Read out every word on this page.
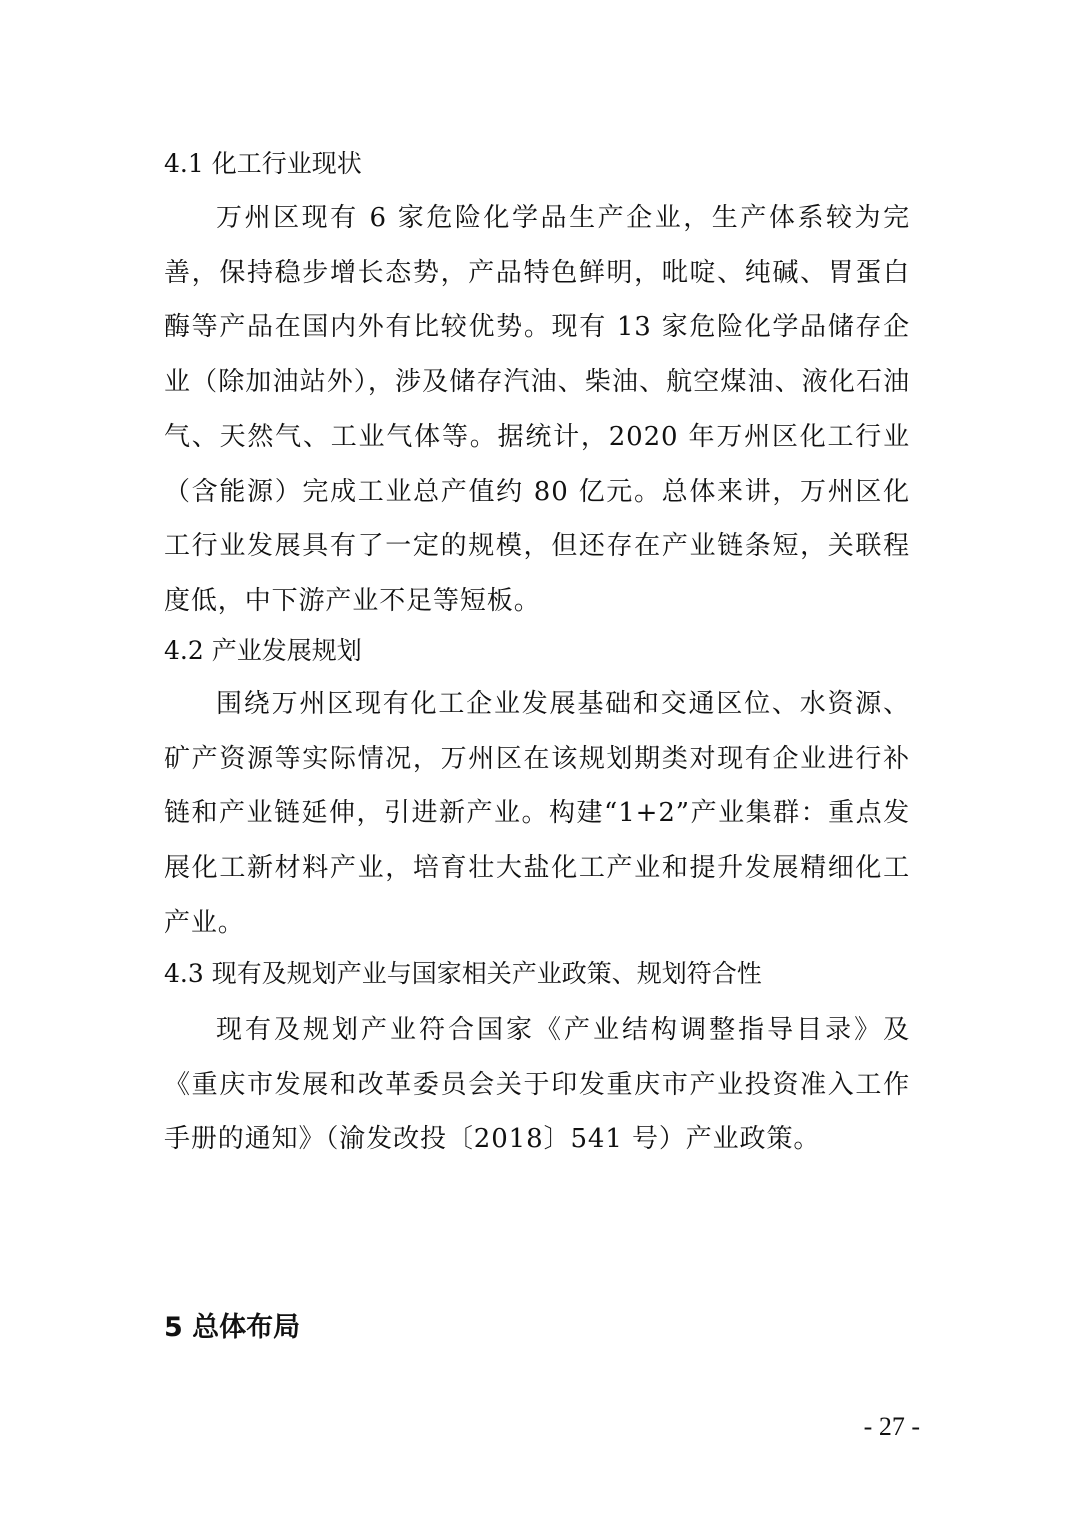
4.1 化工行业现状

万州区现有 6 家危险化学品生产企业，生产体系较为完善，保持稳步增长态势，产品特色鲜明，吡啶、纯碱、胃蛋白酶等产品在国内外有比较优势。现有 13 家危险化学品储存企业（除加油站外），涉及储存汽油、柴油、航空煤油、液化石油气、天然气、工业气体等。据统计，2020 年万州区化工行业（含能源）完成工业总产值约 80 亿元。总体来讲，万州区化工行业发展具有了一定的规模，但还存在产业链条短，关联程度低，中下游产业不足等短板。

4.2 产业发展规划

围绕万州区现有化工企业发展基础和交通区位、水资源、矿产资源等实际情况，万州区在该规划期类对现有企业进行补链和产业链延伸，引进新产业。构建“1+2”产业集群：重点发展化工新材料产业，培育壮大盐化工产业和提升发展精细化工产业。

4.3 现有及规划产业与国家相关产业政策、规划符合性

现有及规划产业符合国家《产业结构调整指导目录》及《重庆市发展和改革委员会关于印发重庆市产业投资准入工作手册的通知》（渝发改投〔2018〕541 号）产业政策。

5 总体布局
- 27 -
